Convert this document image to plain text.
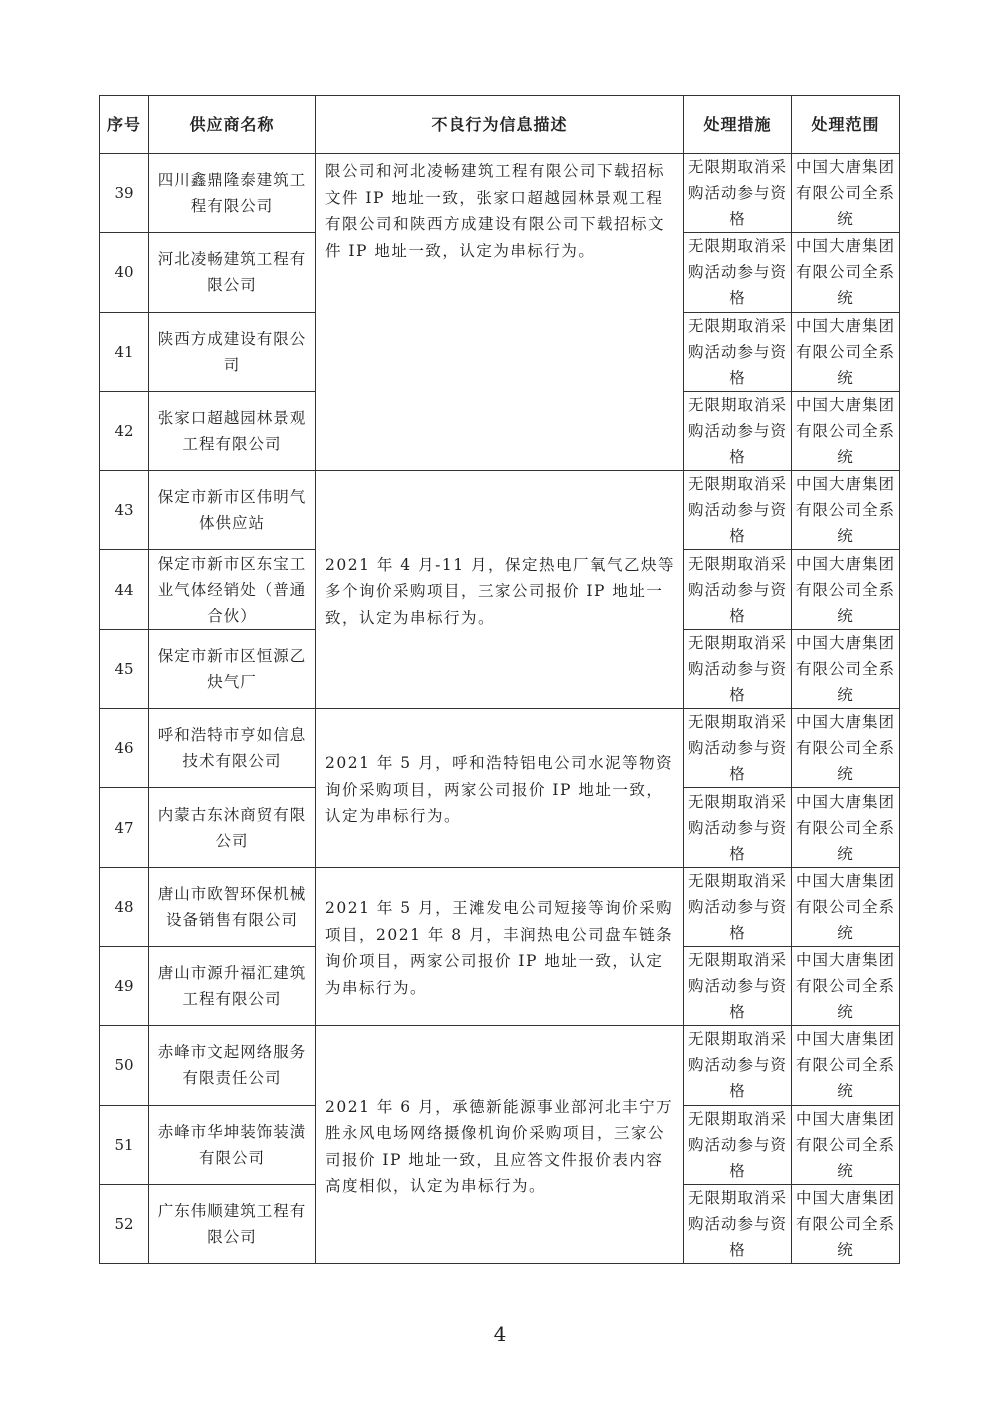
序号	供应商名称	不良行为信息描述	处理措施	处理范围
39	四川鑫鼎隆泰建筑工程有限公司	限公司和河北凌畅建筑工程有限公司下载招标文件 IP 地址一致，张家口超越园林景观工程有限公司和陕西方成建设有限公司下载招标文件 IP 地址一致，认定为串标行为。	无限期取消采购活动参与资格	中国大唐集团有限公司全系统
40	河北凌畅建筑工程有限公司		无限期取消采购活动参与资格	中国大唐集团有限公司全系统
41	陕西方成建设有限公司		无限期取消采购活动参与资格	中国大唐集团有限公司全系统
42	张家口超越园林景观工程有限公司		无限期取消采购活动参与资格	中国大唐集团有限公司全系统
43	保定市新市区伟明气体供应站	2021 年 4 月-11 月，保定热电厂氧气乙炔等多个询价采购项目，三家公司报价 IP 地址一致，认定为串标行为。	无限期取消采购活动参与资格	中国大唐集团有限公司全系统
44	保定市新市区东宝工业气体经销处（普通合伙）		无限期取消采购活动参与资格	中国大唐集团有限公司全系统
45	保定市新市区恒源乙炔气厂		无限期取消采购活动参与资格	中国大唐集团有限公司全系统
46	呼和浩特市亨如信息技术有限公司	2021 年 5 月，呼和浩特铝电公司水泥等物资询价采购项目，两家公司报价 IP 地址一致，认定为串标行为。	无限期取消采购活动参与资格	中国大唐集团有限公司全系统
47	内蒙古东沐商贸有限公司		无限期取消采购活动参与资格	中国大唐集团有限公司全系统
48	唐山市欧智环保机械设备销售有限公司	2021 年 5 月，王滩发电公司短接等询价采购项目，2021 年 8 月，丰润热电公司盘车链条询价项目，两家公司报价 IP 地址一致，认定为串标行为。	无限期取消采购活动参与资格	中国大唐集团有限公司全系统
49	唐山市源升福汇建筑工程有限公司		无限期取消采购活动参与资格	中国大唐集团有限公司全系统
50	赤峰市文起网络服务有限责任公司	2021 年 6 月，承德新能源事业部河北丰宁万胜永风电场网络摄像机询价采购项目，三家公司报价 IP 地址一致，且应答文件报价表内容高度相似，认定为串标行为。	无限期取消采购活动参与资格	中国大唐集团有限公司全系统
51	赤峰市华坤装饰装潢有限公司		无限期取消采购活动参与资格	中国大唐集团有限公司全系统
52	广东伟顺建筑工程有限公司		无限期取消采购活动参与资格	中国大唐集团有限公司全系统
4
